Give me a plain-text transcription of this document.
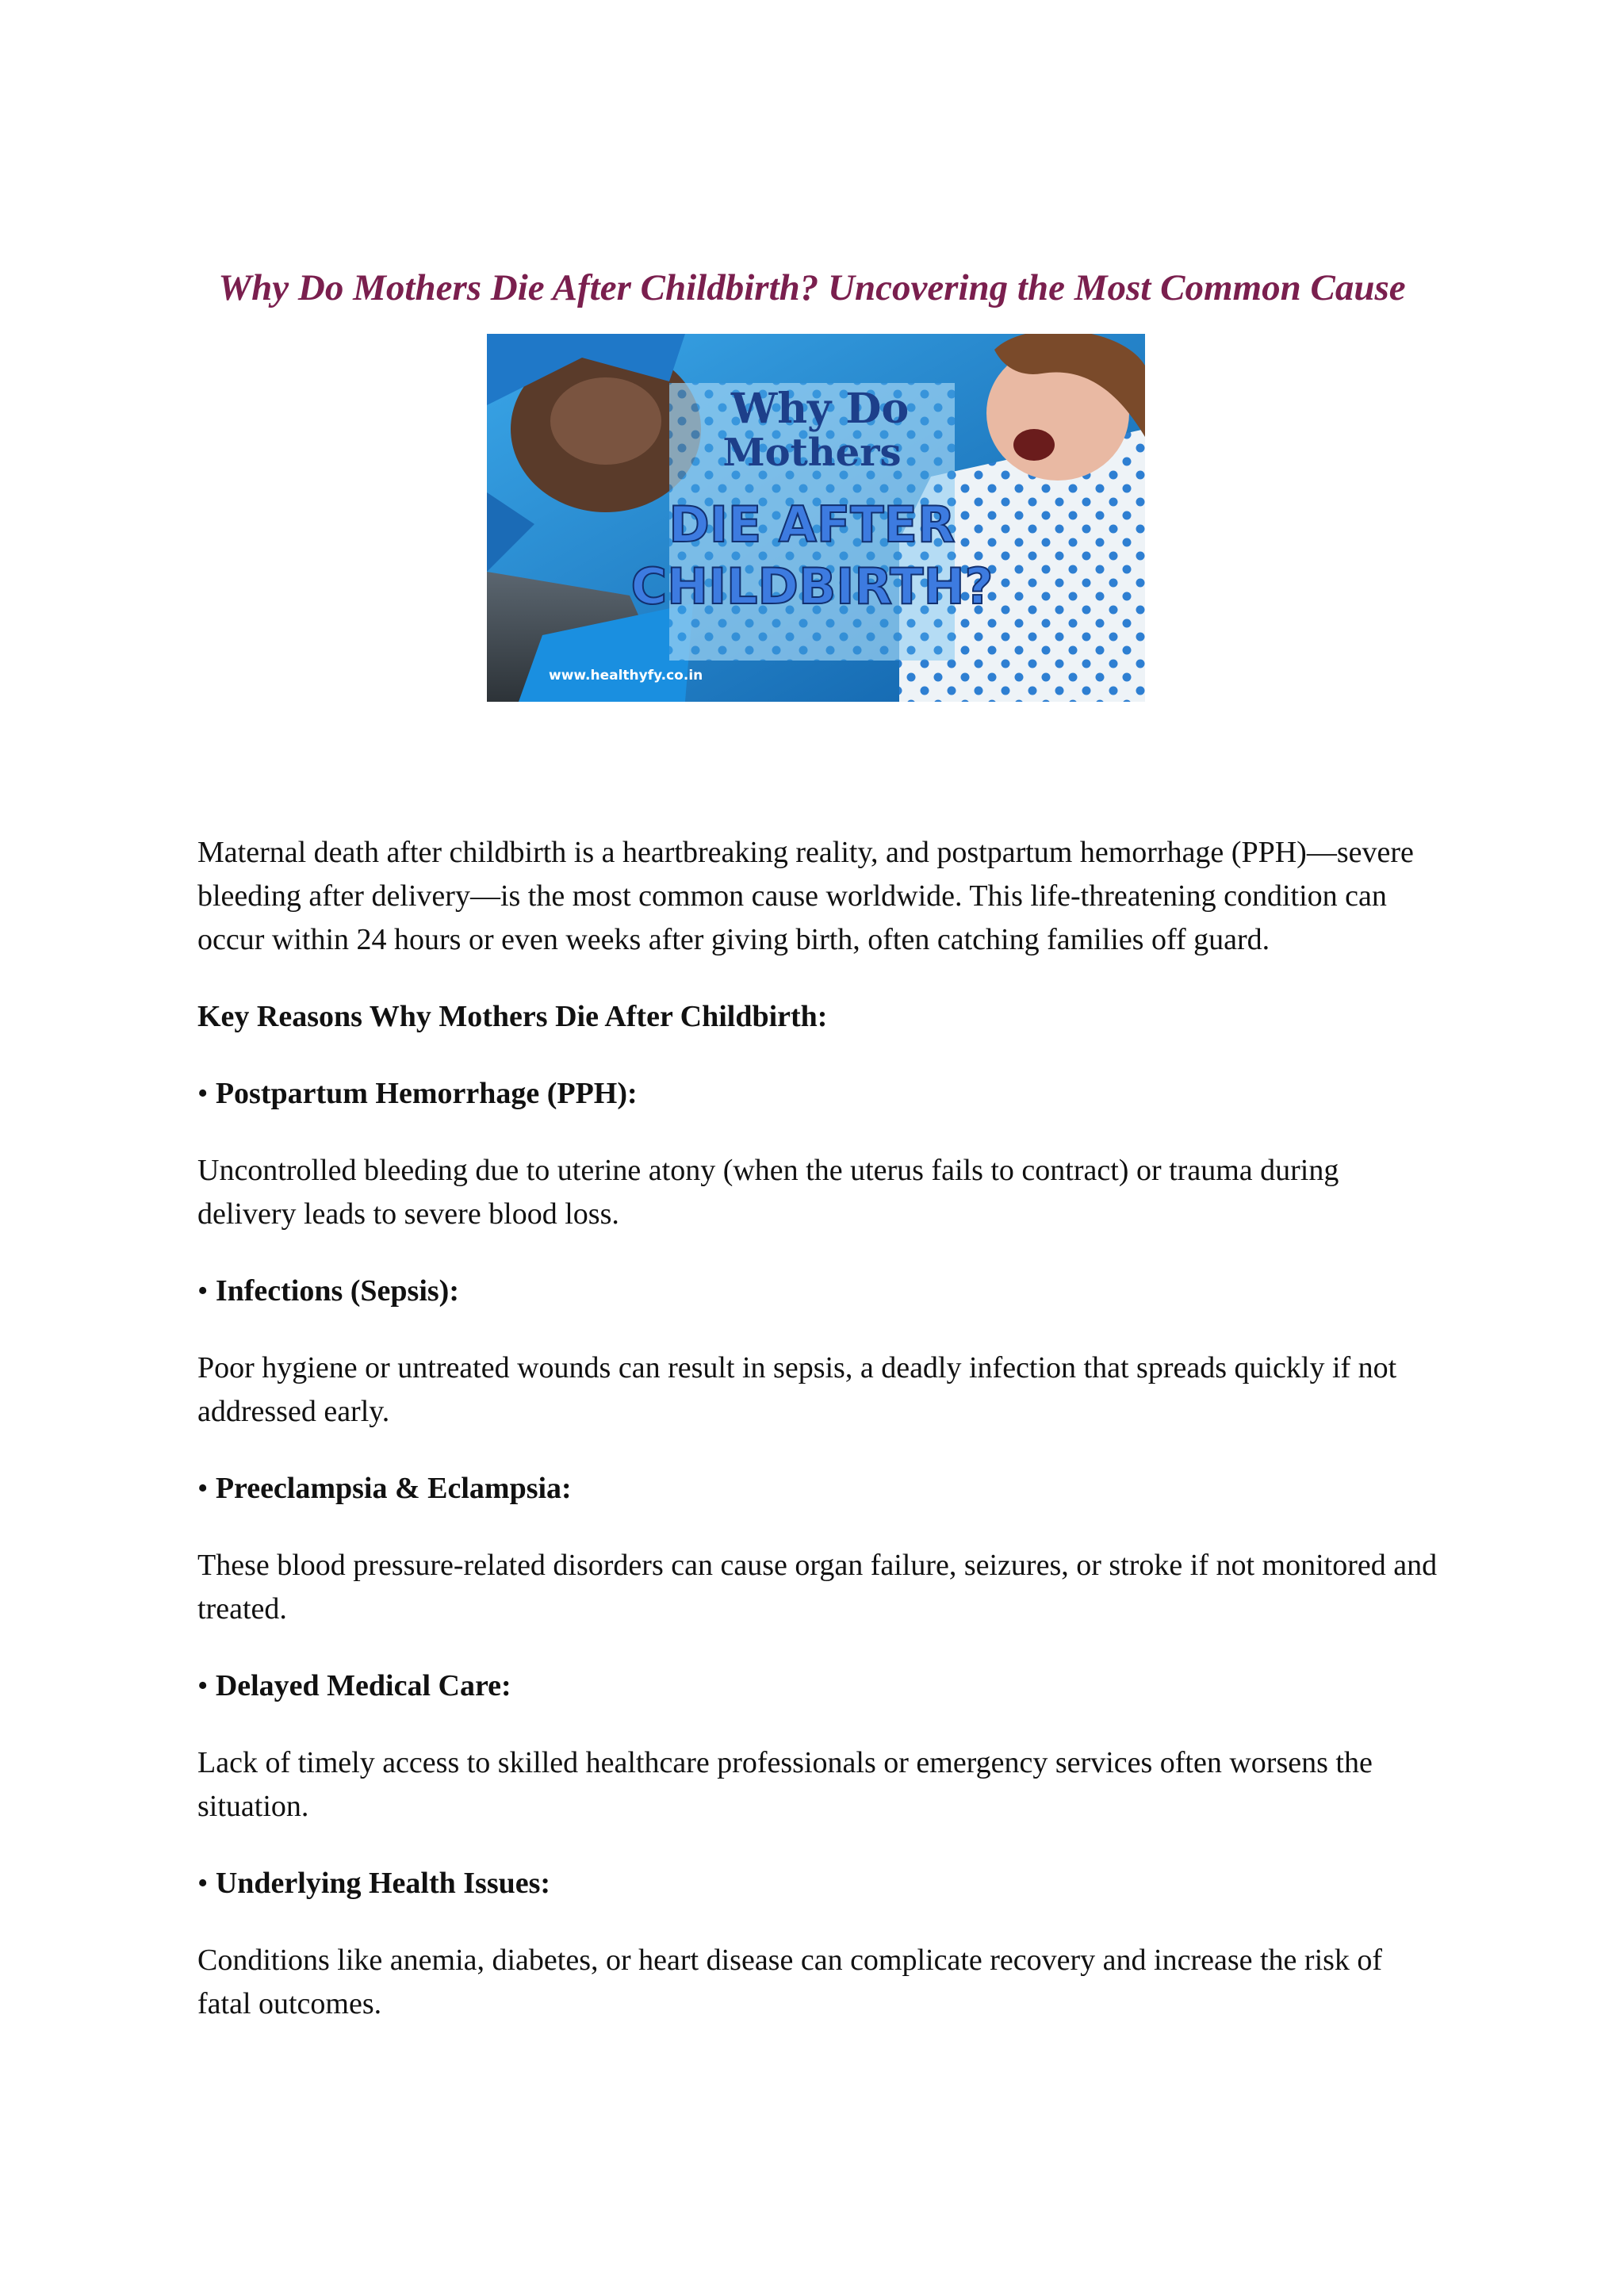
Why Do Mothers Die After Childbirth? Uncovering the Most Common Cause
Why Do
Mothers
DIE AFTER
CHILDBIRTH?
www.healthyfy.co.in

Maternal death after childbirth is a heartbreaking reality, and postpartum hemorrhage (PPH)—severe bleeding after delivery—is the most common cause worldwide. This life-threatening condition can occur within 24 hours or even weeks after giving birth, often catching families off guard.

Key Reasons Why Mothers Die After Childbirth:

• Postpartum Hemorrhage (PPH):

Uncontrolled bleeding due to uterine atony (when the uterus fails to contract) or trauma during delivery leads to severe blood loss.

• Infections (Sepsis):

Poor hygiene or untreated wounds can result in sepsis, a deadly infection that spreads quickly if not addressed early.

• Preeclampsia & Eclampsia:

These blood pressure-related disorders can cause organ failure, seizures, or stroke if not monitored and treated.

• Delayed Medical Care:

Lack of timely access to skilled healthcare professionals or emergency services often worsens the situation.

• Underlying Health Issues:

Conditions like anemia, diabetes, or heart disease can complicate recovery and increase the risk of fatal outcomes.
